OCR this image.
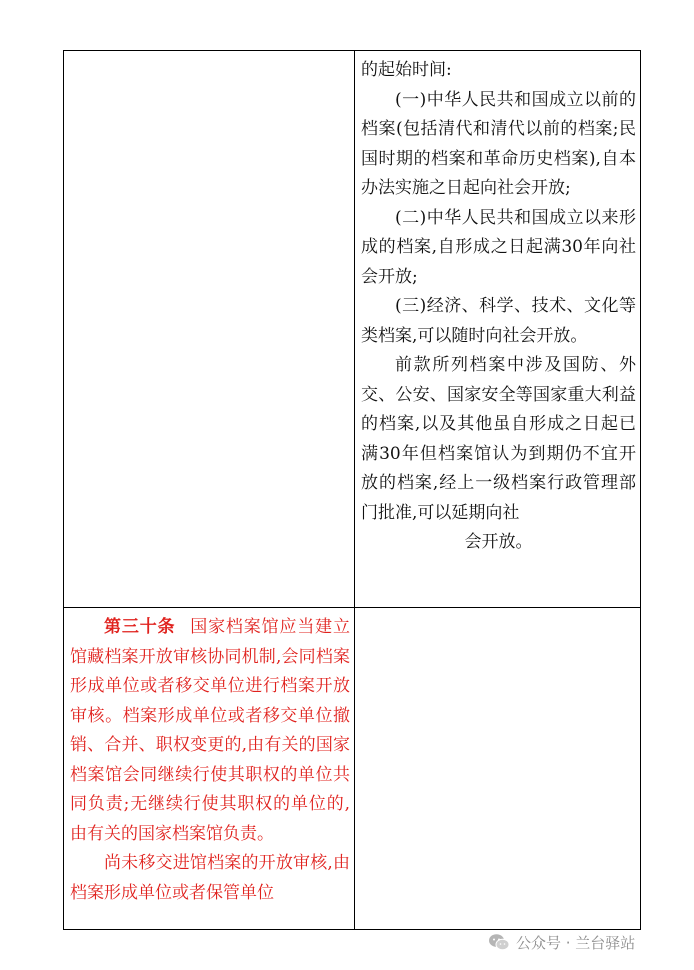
的起始时间:

(一)中华人民共和国成立以前的档案(包括清代和清代以前的档案;民国时期的档案和革命历史档案),自本办法实施之日起向社会开放;

(二)中华人民共和国成立以来形成的档案,自形成之日起满30年向社会开放;

(三)经济、科学、技术、文化等类档案,可以随时向社会开放。

前款所列档案中涉及国防、外交、公安、国家安全等国家重大利益的档案,以及其他虽自形成之日起已满30年但档案馆认为到期仍不宜开放的档案,经上一级档案行政管理部门批准,可以延期向社

会开放。

第三十条 国家档案馆应当建立馆藏档案开放审核协同机制,会同档案形成单位或者移交单位进行档案开放审核。档案形成单位或者移交单位撤销、合并、职权变更的,由有关的国家档案馆会同继续行使其职权的单位共同负责;无继续行使其职权的单位的,由有关的国家档案馆负责。

尚未移交进馆档案的开放审核,由档案形成单位或者保管单位

公众号 · 兰台驿站
